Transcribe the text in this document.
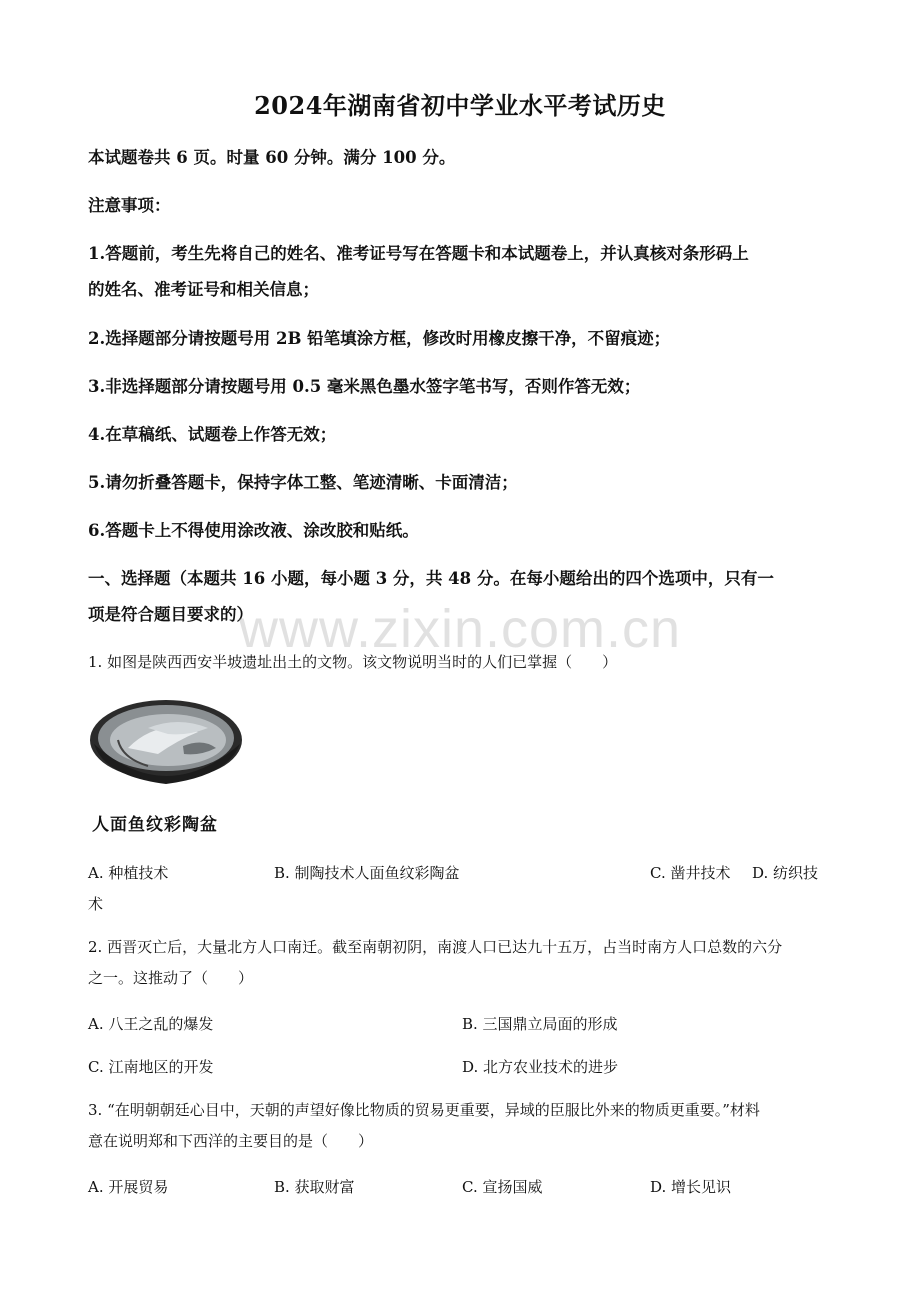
2024年湖南省初中学业水平考试历史
本试题卷共 6 页。时量 60 分钟。满分 100 分。
注意事项：
1.答题前，考生先将自己的姓名、准考证号写在答题卡和本试题卷上，并认真核对条形码上
的姓名、准考证号和相关信息；
2.选择题部分请按题号用 2B 铅笔填涂方框，修改时用橡皮擦干净，不留痕迹；
3.非选择题部分请按题号用 0.5 毫米黑色墨水签字笔书写，否则作答无效；
4.在草稿纸、试题卷上作答无效；
5.请勿折叠答题卡，保持字体工整、笔迹清晰、卡面清洁；
6.答题卡上不得使用涂改液、涂改胶和贴纸。
一、选择题（本题共 16 小题，每小题 3 分，共 48 分。在每小题给出的四个选项中，只有一
项是符合题目要求的）
www.zixin.com.cn
1. 如图是陕西西安半坡遗址出土的文物。该文物说明当时的人们已掌握（　　）
人面鱼纹彩陶盆
A. 种植技术	B. 制陶技术人面鱼纹彩陶盆	C. 凿井技术 D. 纺织技
术
2. 西晋灭亡后，大量北方人口南迁。截至南朝初阴，南渡人口已达九十五万，占当时南方人口总数的六分
之一。这推动了（　　）
A. 八王之乱的爆发	B. 三国鼎立局面的形成
C. 江南地区的开发	D. 北方农业技术的进步
3. “在明朝朝廷心目中，天朝的声望好像比物质的贸易更重要，异域的臣服比外来的物质更重要。”材料
意在说明郑和下西洋的主要目的是（　　）
A. 开展贸易	B. 获取财富	C. 宣扬国威	D. 增长见识
